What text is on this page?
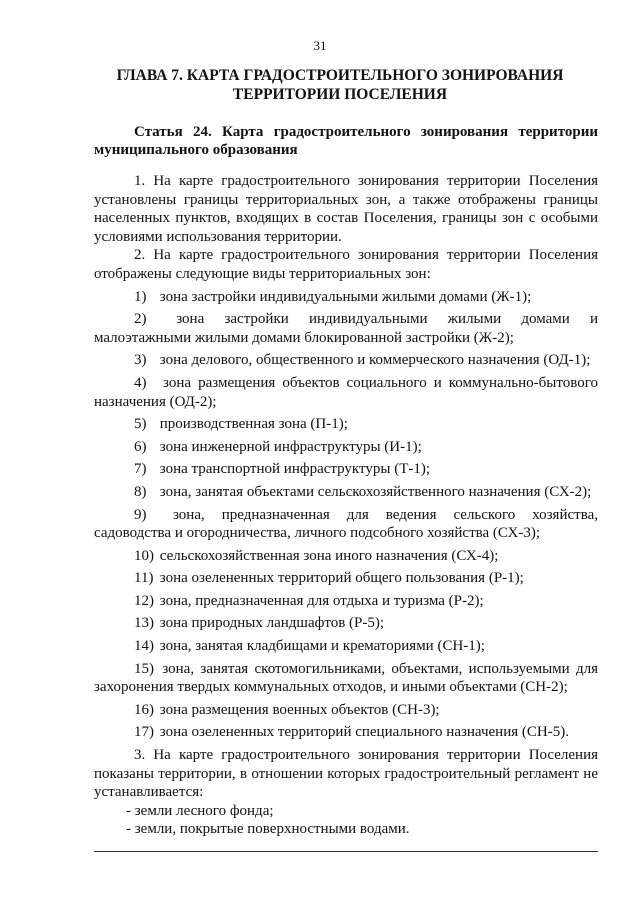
31
ГЛАВА 7. КАРТА ГРАДОСТРОИТЕЛЬНОГО ЗОНИРОВАНИЯ
ТЕРРИТОРИИ ПОСЕЛЕНИЯ
Статья 24. Карта градостроительного зонирования территории муниципального образования

1. На карте градостроительного зонирования территории Поселения установлены границы территориальных зон, а также отображены границы населенных пунктов, входящих в состав Поселения, границы зон с особыми условиями использования территории.

2. На карте градостроительного зонирования территории Поселения отображены следующие виды территориальных зон:

1) зона застройки индивидуальными жилыми домами (Ж-1);

2) зона застройки индивидуальными жилыми домами и малоэтажными жилыми домами блокированной застройки (Ж-2);

3) зона делового, общественного и коммерческого назначения (ОД-1);

4) зона размещения объектов социального и коммунально-бытового назначения (ОД-2);

5) производственная зона (П-1);

6) зона инженерной инфраструктуры (И-1);

7) зона транспортной инфраструктуры (Т-1);

8) зона, занятая объектами сельскохозяйственного назначения (СХ-2);

9) зона, предназначенная для ведения сельского хозяйства, садоводства и огородничества, личного подсобного хозяйства (СХ-3);

10) сельскохозяйственная зона иного назначения (СХ-4);

11) зона озелененных территорий общего пользования (Р-1);

12) зона, предназначенная для отдыха и туризма (Р-2);

13) зона природных ландшафтов (Р-5);

14) зона, занятая кладбищами и крематориями (СН-1);

15) зона, занятая скотомогильниками, объектами, используемыми для захоронения твердых коммунальных отходов, и иными объектами (СН-2);

16) зона размещения военных объектов (СН-3);

17) зона озелененных территорий специального назначения (СН-5).

3. На карте градостроительного зонирования территории Поселения показаны территории, в отношении которых градостроительный регламент не устанавливается:

- земли лесного фонда;

- земли, покрытые поверхностными водами.
